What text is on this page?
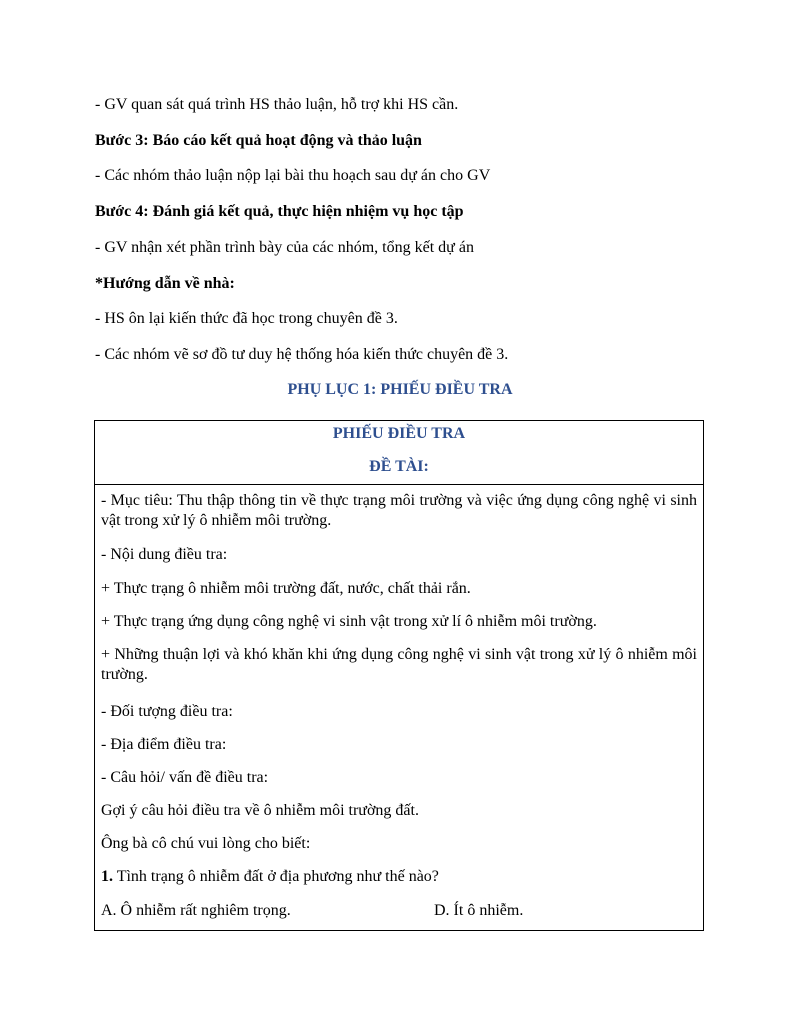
- GV quan sát quá trình HS thảo luận, hỗ trợ khi HS cần.
Bước 3: Báo cáo kết quả hoạt động và thảo luận
- Các nhóm thảo luận nộp lại bài thu hoạch sau dự án cho GV
Bước 4: Đánh giá kết quả, thực hiện nhiệm vụ học tập
- GV nhận xét phần trình bày của các nhóm, tổng kết dự án
*Hướng dẫn về nhà:
- HS ôn lại kiến thức đã học trong chuyên đề 3.
- Các nhóm vẽ sơ đồ tư duy hệ thống hóa kiến thức chuyên đề 3.
PHỤ LỤC 1: PHIẾU ĐIỀU TRA
PHIẾU ĐIỀU TRA
ĐỀ TÀI:
- Mục tiêu: Thu thập thông tin về thực trạng môi trường và việc ứng dụng công nghệ vi sinh vật trong xử lý ô nhiễm môi trường.
- Nội dung điều tra:
+ Thực trạng ô nhiễm môi trường đất, nước, chất thải rắn.
+ Thực trạng ứng dụng công nghệ vi sinh vật trong xử lí ô nhiễm môi trường.
+ Những thuận lợi và khó khăn khi ứng dụng công nghệ vi sinh vật trong xử lý ô nhiễm môi trường.
- Đối tượng điều tra:
- Địa điểm điều tra:
- Câu hỏi/ vấn đề điều tra:
Gợi ý câu hỏi điều tra về ô nhiễm môi trường đất.
Ông bà cô chú vui lòng cho biết:
1. Tình trạng ô nhiễm đất ở địa phương như thế nào?
A. Ô nhiễm rất nghiêm trọng.	D. Ít ô nhiễm.
